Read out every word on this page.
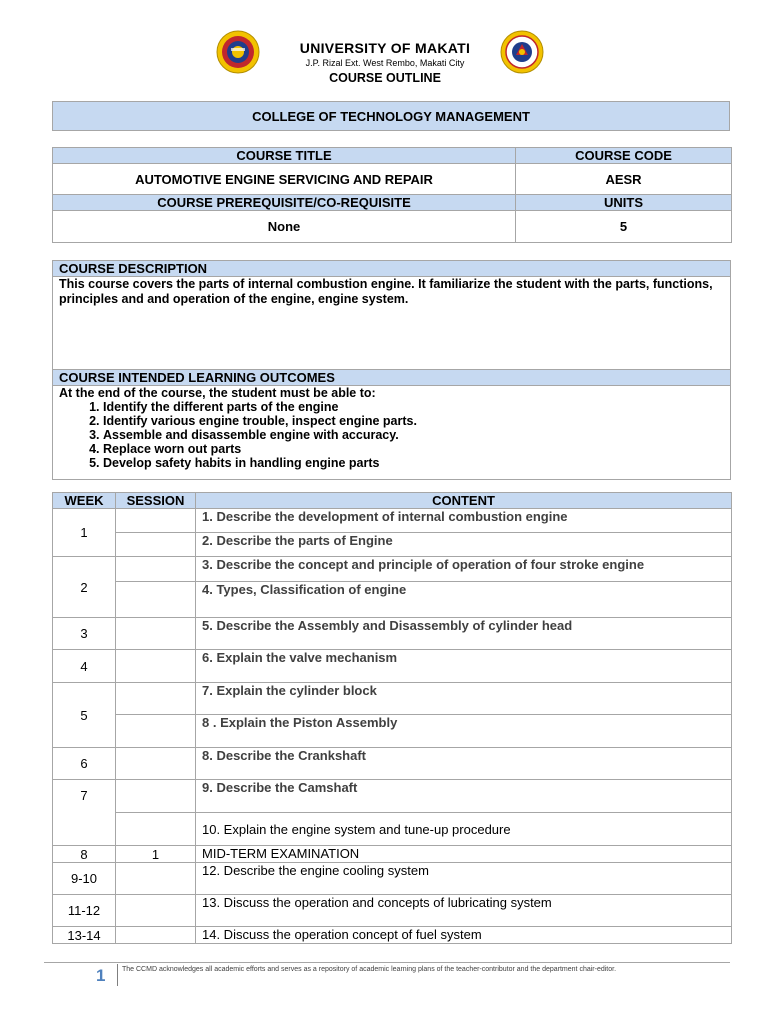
UNIVERSITY OF MAKATI
J.P. Rizal Ext. West Rembo, Makati City
COURSE OUTLINE
COLLEGE OF TECHNOLOGY MANAGEMENT
COURSE TITLE	COURSE CODE
AUTOMOTIVE ENGINE SERVICING AND REPAIR	AESR
COURSE PREREQUISITE/CO-REQUISITE	UNITS
None	5
COURSE DESCRIPTION

This course covers the parts of internal combustion engine. It familiarize the student with the parts, functions, principles and and operation of the engine, engine system.

COURSE INTENDED LEARNING OUTCOMES

At the end of the course, the student must be able to:
1. Identify the different parts of the engine
2. Identify various engine trouble, inspect engine parts.
3. Assemble and disassemble engine with accuracy.
4. Replace worn out parts
5. Develop safety habits in handling engine parts
WEEK	SESSION	CONTENT
1		1. Describe the development of internal combustion engine
		2. Describe the parts of Engine
2		3. Describe the concept and principle of operation of four stroke engine
		4. Types, Classification of engine
3		5. Describe the Assembly and Disassembly of cylinder head
4		6. Explain the valve mechanism
5		7. Explain the cylinder block
		8 . Explain the Piston Assembly
6		8. Describe the Crankshaft
7		9. Describe the Camshaft
		10. Explain the engine system and tune-up procedure
8	1	MID-TERM EXAMINATION
9-10		12. Describe the engine cooling system
11-12		13. Discuss the operation and concepts of lubricating system
13-14		14. Discuss the operation concept of fuel system
1 The CCMD acknowledges all academic efforts and serves as a repository of academic learning plans of the teacher-contributor and the department chair-editor.
